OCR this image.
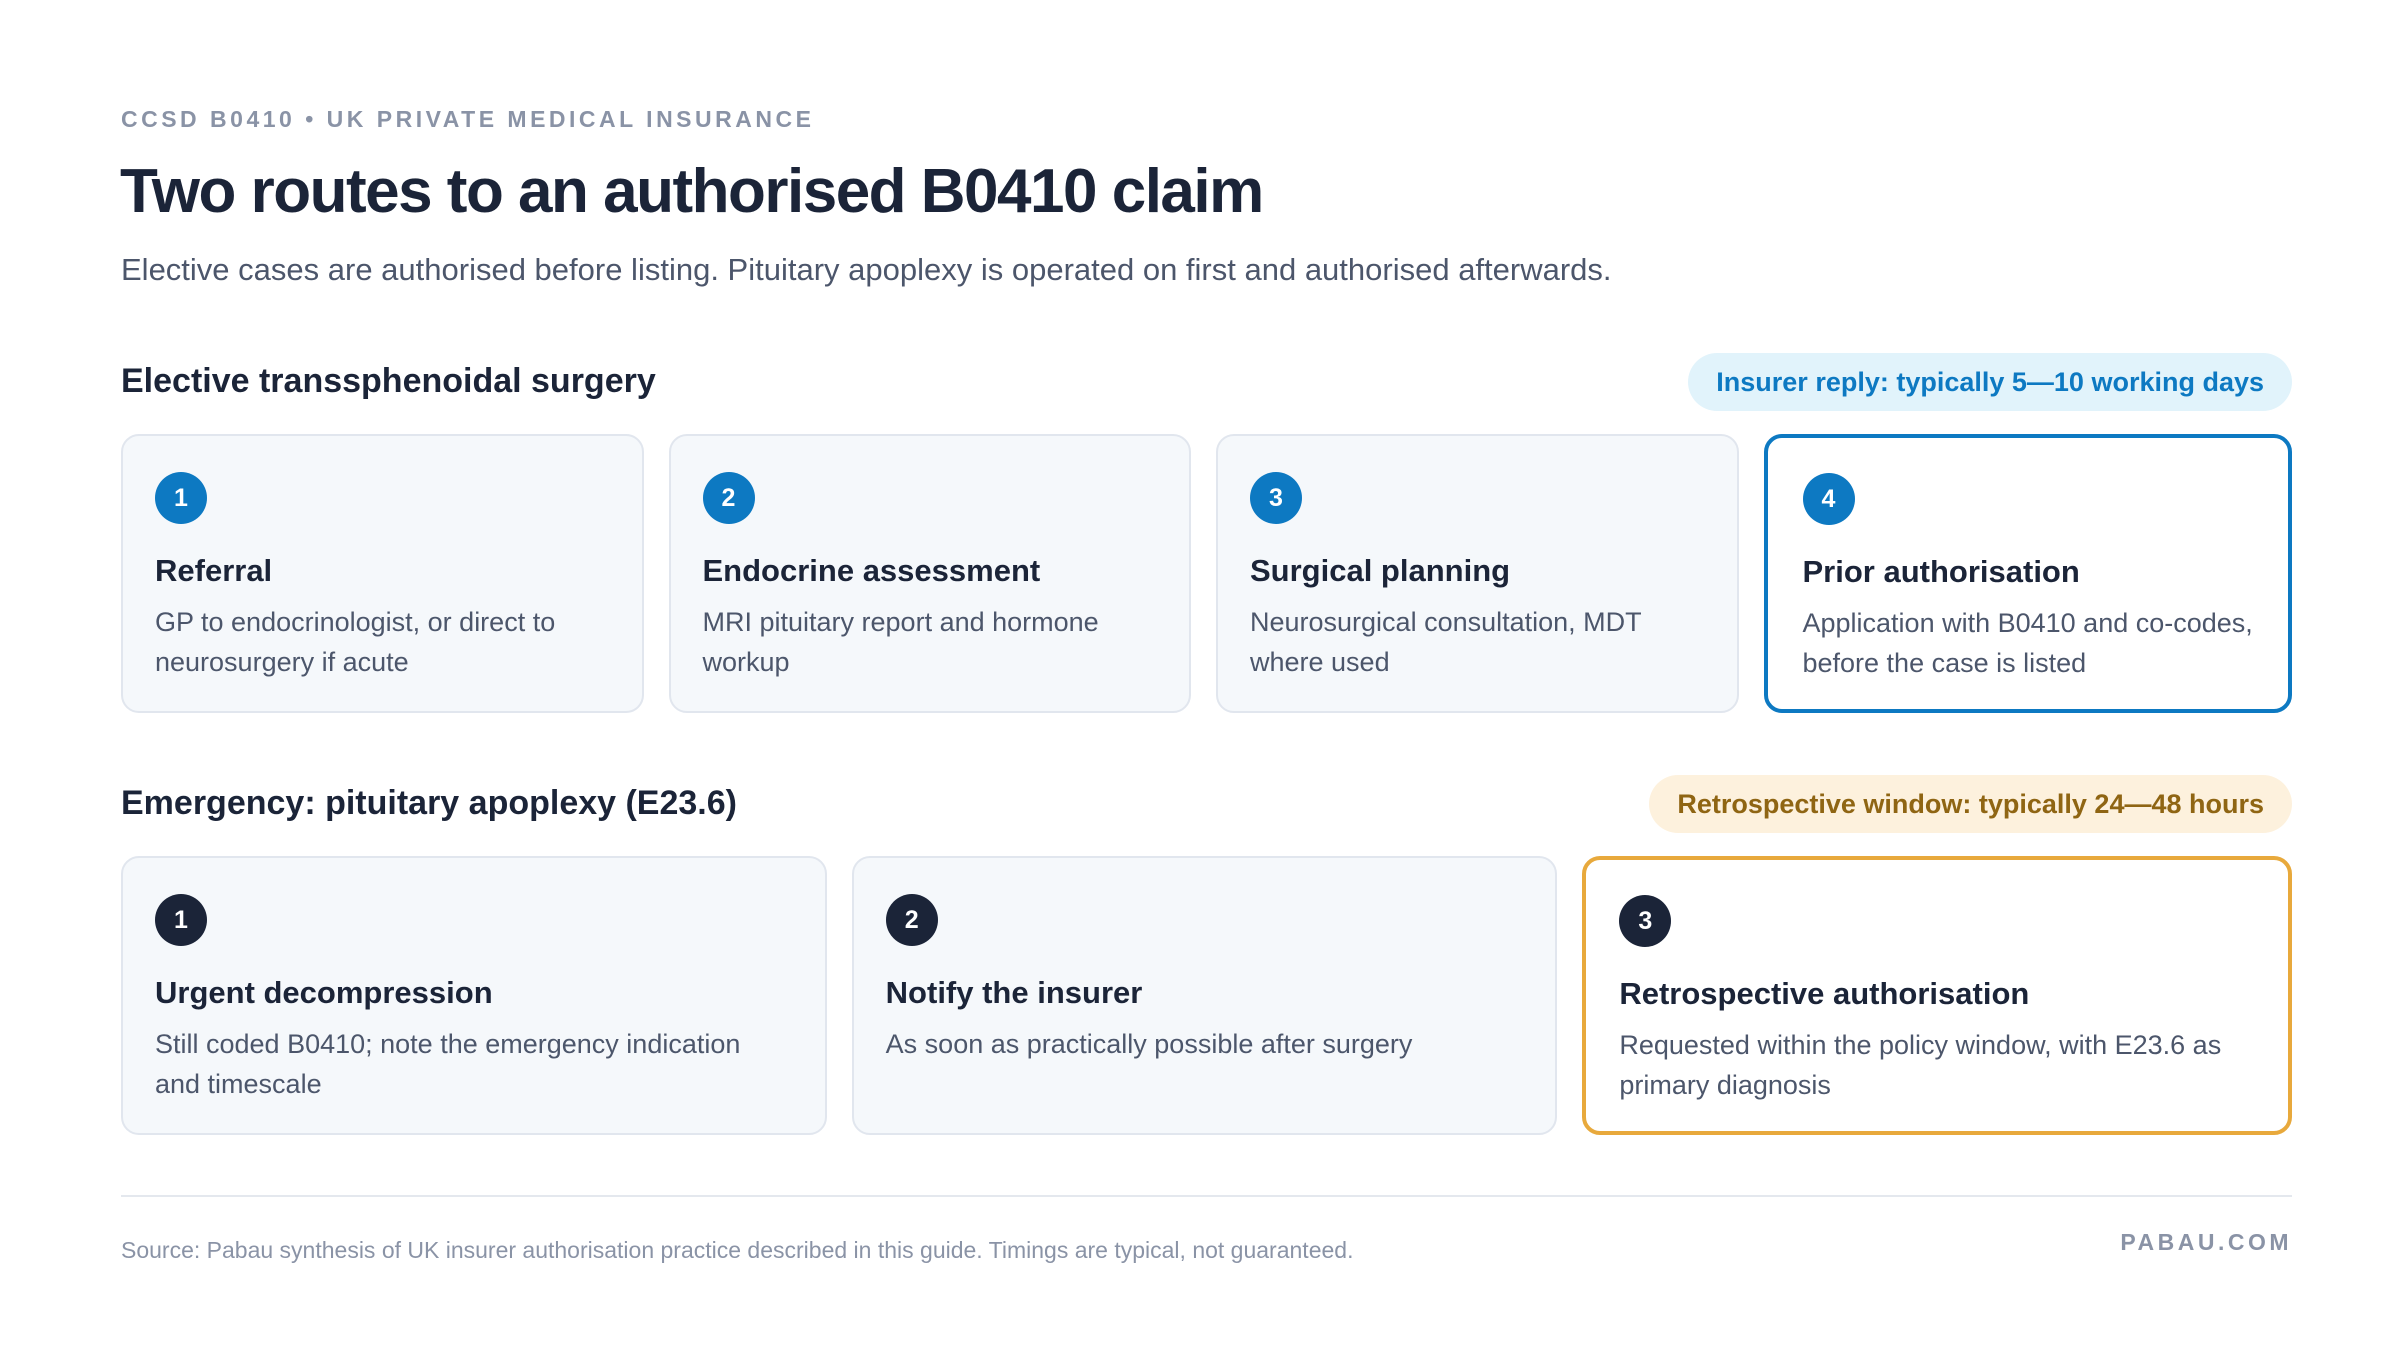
CCSD B0410 • UK PRIVATE MEDICAL INSURANCE
Two routes to an authorised B0410 claim
Elective cases are authorised before listing. Pituitary apoplexy is operated on first and authorised afterwards.
Elective transsphenoidal surgery	Insurer reply: typically 5—10 working days
1
Referral
GP to endocrinologist, or direct to neurosurgery if acute
2
Endocrine assessment
MRI pituitary report and hormone workup
3
Surgical planning
Neurosurgical consultation, MDT where used
4
Prior authorisation
Application with B0410 and co-codes, before the case is listed
Emergency: pituitary apoplexy (E23.6)	Retrospective window: typically 24—48 hours
1
Urgent decompression
Still coded B0410; note the emergency indication and timescale
2
Notify the insurer
As soon as practically possible after surgery
3
Retrospective authorisation
Requested within the policy window, with E23.6 as primary diagnosis
Source: Pabau synthesis of UK insurer authorisation practice described in this guide. Timings are typical, not guaranteed.	PABAU.COM
